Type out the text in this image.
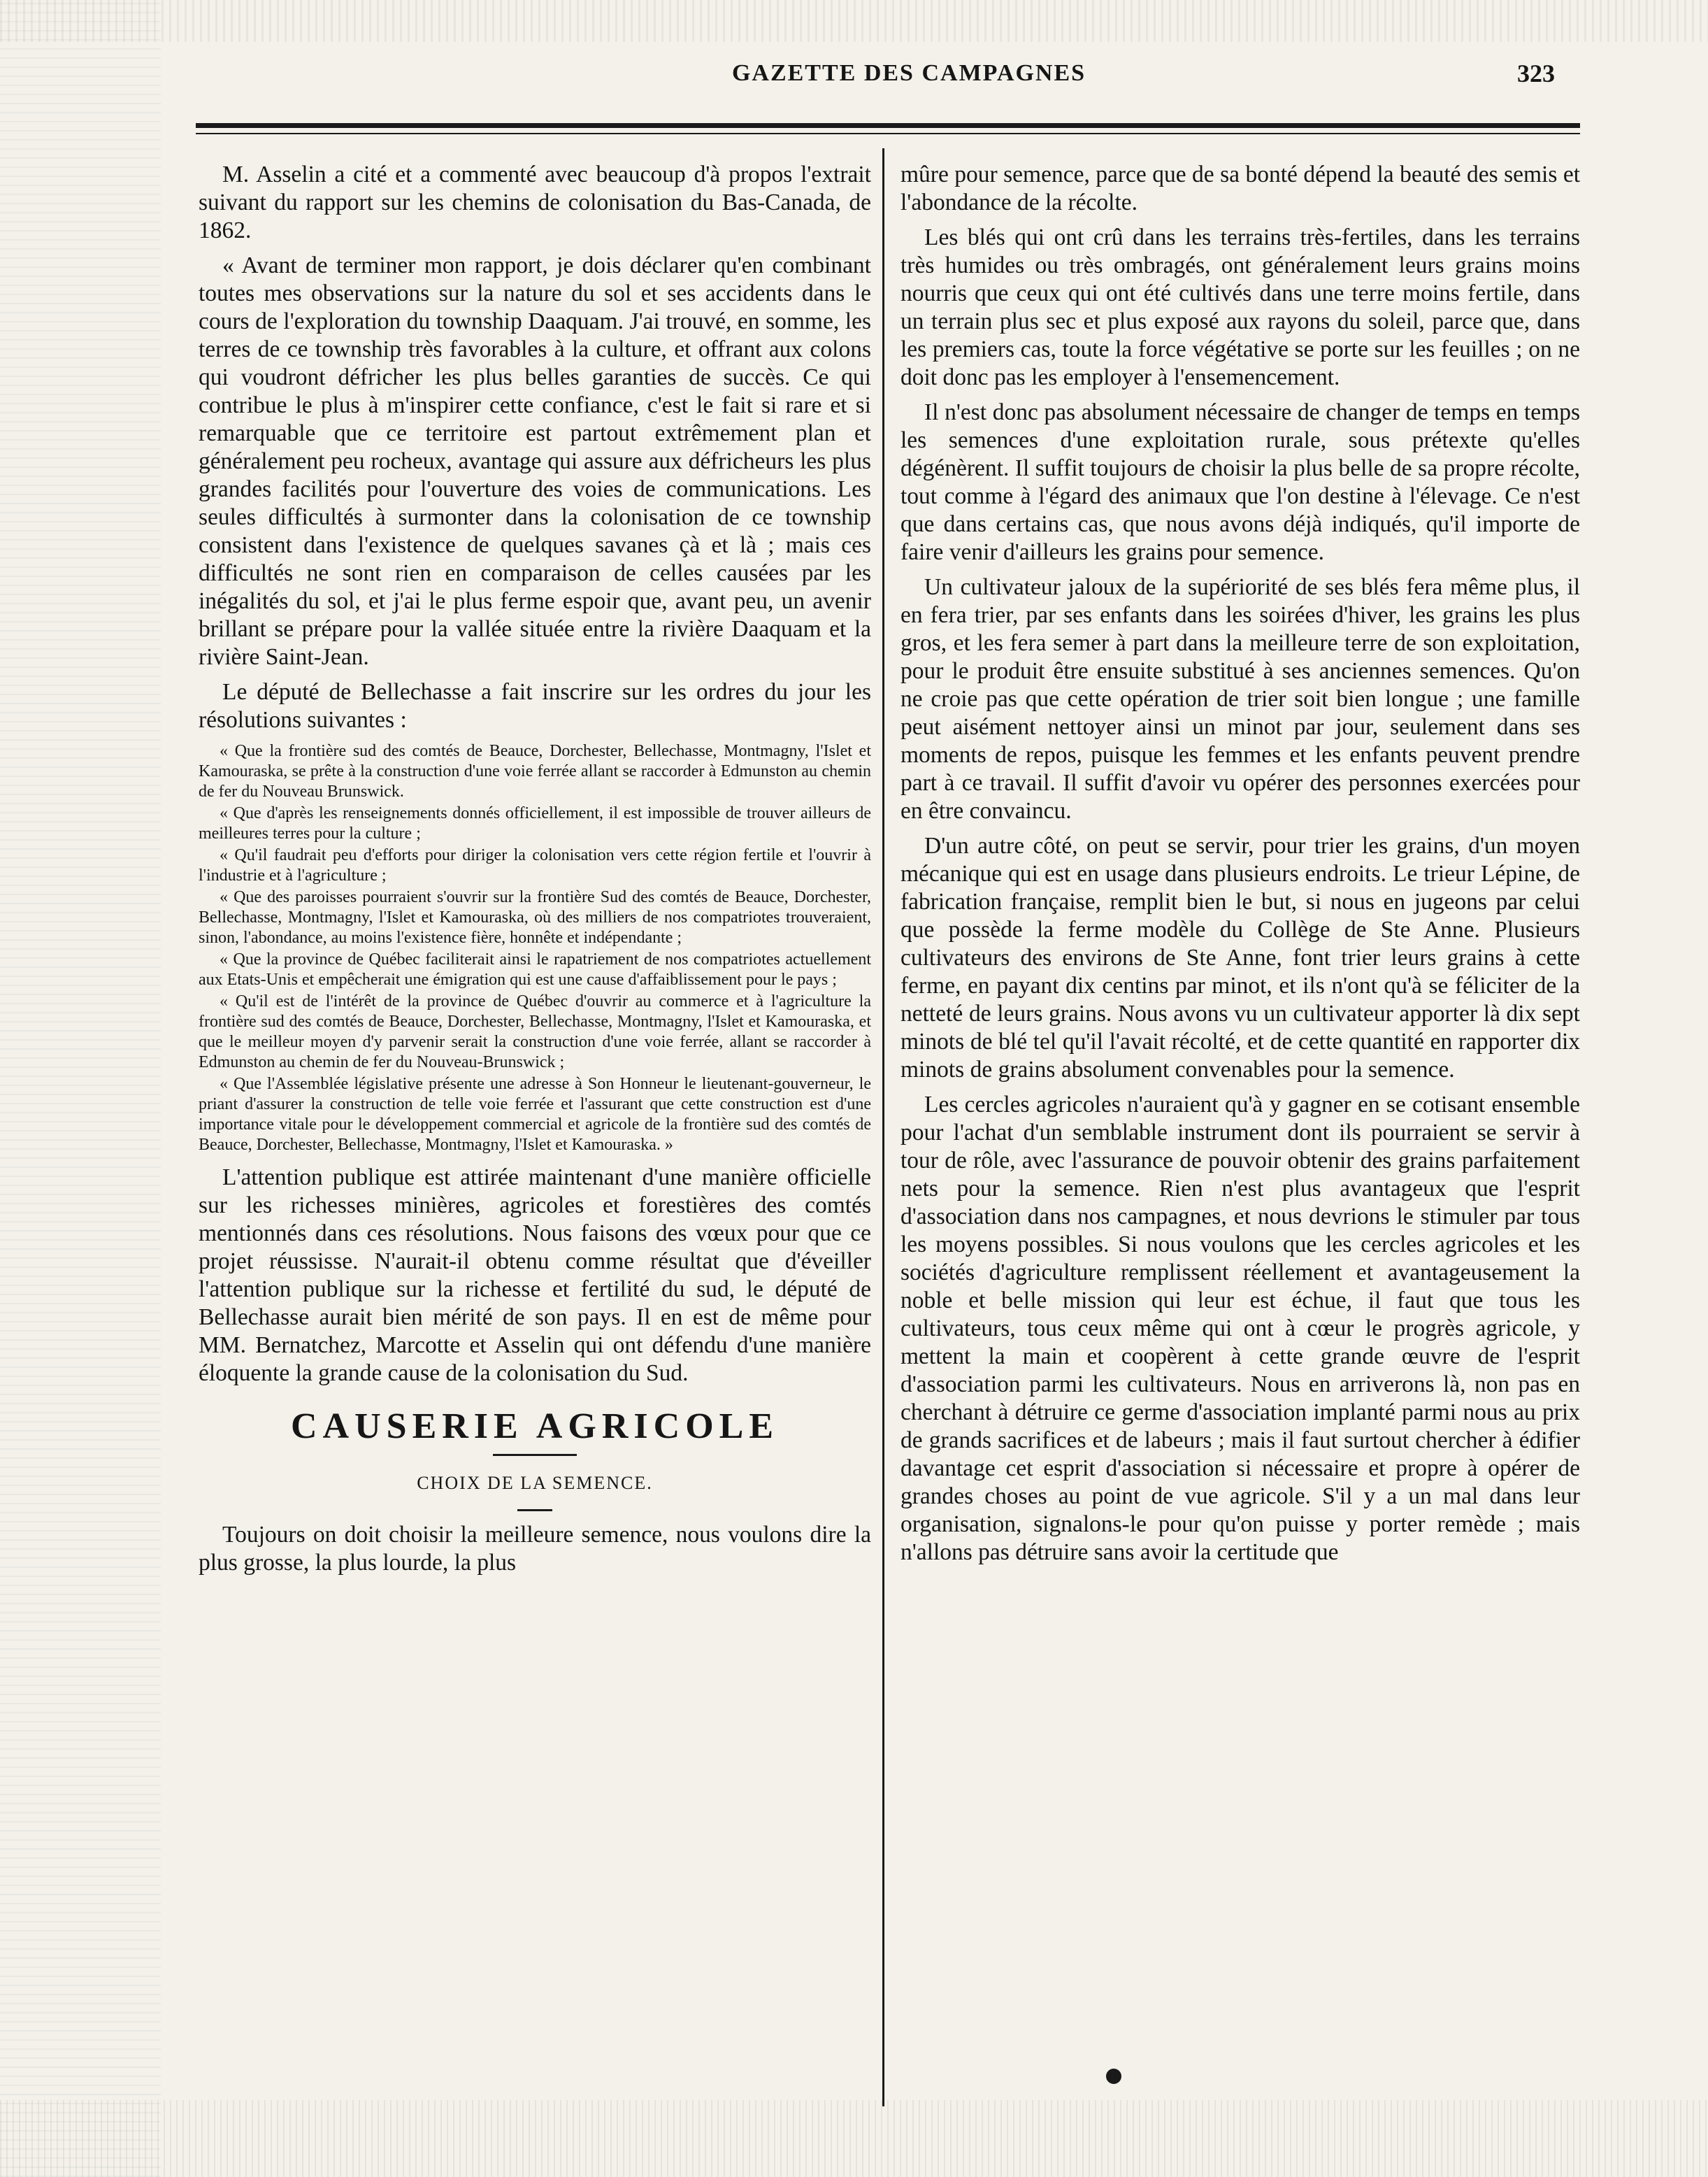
GAZETTE DES CAMPAGNES	323

M. Asselin a cité et a commenté avec beaucoup d'à propos l'extrait suivant du rapport sur les chemins de colonisation du Bas-Canada, de 1862.

« Avant de terminer mon rapport, je dois déclarer qu'en combinant toutes mes observations sur la nature du sol et ses accidents dans le cours de l'exploration du township Daaquam. J'ai trouvé, en somme, les terres de ce township très favorables à la culture, et offrant aux colons qui voudront défricher les plus belles garanties de succès. Ce qui contribue le plus à m'inspirer cette confiance, c'est le fait si rare et si remarquable que ce territoire est partout extrêmement plan et généralement peu rocheux, avantage qui assure aux défricheurs les plus grandes facilités pour l'ouverture des voies de communications. Les seules difficultés à surmonter dans la colonisation de ce township consistent dans l'existence de quelques savanes çà et là ; mais ces difficultés ne sont rien en comparaison de celles causées par les inégalités du sol, et j'ai le plus ferme espoir que, avant peu, un avenir brillant se prépare pour la vallée située entre la rivière Daaquam et la rivière Saint-Jean.

Le député de Bellechasse a fait inscrire sur les ordres du jour les résolutions suivantes :

« Que la frontière sud des comtés de Beauce, Dorchester, Bellechasse, Montmagny, l'Islet et Kamouraska, se prête à la construction d'une voie ferrée allant se raccorder à Edmunston au chemin de fer du Nouveau Brunswick.

« Que d'après les renseignements donnés officiellement, il est impossible de trouver ailleurs de meilleures terres pour la culture ;

« Qu'il faudrait peu d'efforts pour diriger la colonisation vers cette région fertile et l'ouvrir à l'industrie et à l'agriculture ;

« Que des paroisses pourraient s'ouvrir sur la frontière Sud des comtés de Beauce, Dorchester, Bellechasse, Montmagny, l'Islet et Kamouraska, où des milliers de nos compatriotes trouveraient, sinon, l'abondance, au moins l'existence fière, honnête et indépendante ;

« Que la province de Québec faciliterait ainsi le rapatriement de nos compatriotes actuellement aux Etats-Unis et empêcherait une émigration qui est une cause d'affaiblissement pour le pays ;

« Qu'il est de l'intérêt de la province de Québec d'ouvrir au commerce et à l'agriculture la frontière sud des comtés de Beauce, Dorchester, Bellechasse, Montmagny, l'Islet et Kamouraska, et que le meilleur moyen d'y parvenir serait la construction d'une voie ferrée, allant se raccorder à Edmunston au chemin de fer du Nouveau-Brunswick ;

« Que l'Assemblée législative présente une adresse à Son Honneur le lieutenant-gouverneur, le priant d'assurer la construction de telle voie ferrée et l'assurant que cette construction est d'une importance vitale pour le développement commercial et agricole de la frontière sud des comtés de Beauce, Dorchester, Bellechasse, Montmagny, l'Islet et Kamouraska. »

L'attention publique est attirée maintenant d'une manière officielle sur les richesses minières, agricoles et forestières des comtés mentionnés dans ces résolutions. Nous faisons des vœux pour que ce projet réussisse. N'aurait-il obtenu comme résultat que d'éveiller l'attention publique sur la richesse et fertilité du sud, le député de Bellechasse aurait bien mérité de son pays. Il en est de même pour MM. Bernatchez, Marcotte et Asselin qui ont défendu d'une manière éloquente la grande cause de la colonisation du Sud.

CAUSERIE AGRICOLE
CHOIX DE LA SEMENCE.

Toujours on doit choisir la meilleure semence, nous voulons dire la plus grosse, la plus lourde, la plus

mûre pour semence, parce que de sa bonté dépend la beauté des semis et l'abondance de la récolte.

Les blés qui ont crû dans les terrains très-fertiles, dans les terrains très humides ou très ombragés, ont généralement leurs grains moins nourris que ceux qui ont été cultivés dans une terre moins fertile, dans un terrain plus sec et plus exposé aux rayons du soleil, parce que, dans les premiers cas, toute la force végétative se porte sur les feuilles ; on ne doit donc pas les employer à l'ensemencement.

Il n'est donc pas absolument nécessaire de changer de temps en temps les semences d'une exploitation rurale, sous prétexte qu'elles dégénèrent. Il suffit toujours de choisir la plus belle de sa propre récolte, tout comme à l'égard des animaux que l'on destine à l'élevage. Ce n'est que dans certains cas, que nous avons déjà indiqués, qu'il importe de faire venir d'ailleurs les grains pour semence.

Un cultivateur jaloux de la supériorité de ses blés fera même plus, il en fera trier, par ses enfants dans les soirées d'hiver, les grains les plus gros, et les fera semer à part dans la meilleure terre de son exploitation, pour le produit être ensuite substitué à ses anciennes semences. Qu'on ne croie pas que cette opération de trier soit bien longue ; une famille peut aisément nettoyer ainsi un minot par jour, seulement dans ses moments de repos, puisque les femmes et les enfants peuvent prendre part à ce travail. Il suffit d'avoir vu opérer des personnes exercées pour en être convaincu.

D'un autre côté, on peut se servir, pour trier les grains, d'un moyen mécanique qui est en usage dans plusieurs endroits. Le trieur Lépine, de fabrication française, remplit bien le but, si nous en jugeons par celui que possède la ferme modèle du Collège de Ste Anne. Plusieurs cultivateurs des environs de Ste Anne, font trier leurs grains à cette ferme, en payant dix centins par minot, et ils n'ont qu'à se féliciter de la netteté de leurs grains. Nous avons vu un cultivateur apporter là dix sept minots de blé tel qu'il l'avait récolté, et de cette quantité en rapporter dix minots de grains absolument convenables pour la semence.

Les cercles agricoles n'auraient qu'à y gagner en se cotisant ensemble pour l'achat d'un semblable instrument dont ils pourraient se servir à tour de rôle, avec l'assurance de pouvoir obtenir des grains parfaitement nets pour la semence. Rien n'est plus avantageux que l'esprit d'association dans nos campagnes, et nous devrions le stimuler par tous les moyens possibles. Si nous voulons que les cercles agricoles et les sociétés d'agriculture remplissent réellement et avantageusement la noble et belle mission qui leur est échue, il faut que tous les cultivateurs, tous ceux même qui ont à cœur le progrès agricole, y mettent la main et coopèrent à cette grande œuvre de l'esprit d'association parmi les cultivateurs. Nous en arriverons là, non pas en cherchant à détruire ce germe d'association implanté parmi nous au prix de grands sacrifices et de labeurs ; mais il faut surtout chercher à édifier davantage cet esprit d'association si nécessaire et propre à opérer de grandes choses au point de vue agricole. S'il y a un mal dans leur organisation, signalons-le pour qu'on puisse y porter remède ; mais n'allons pas détruire sans avoir la certitude que
